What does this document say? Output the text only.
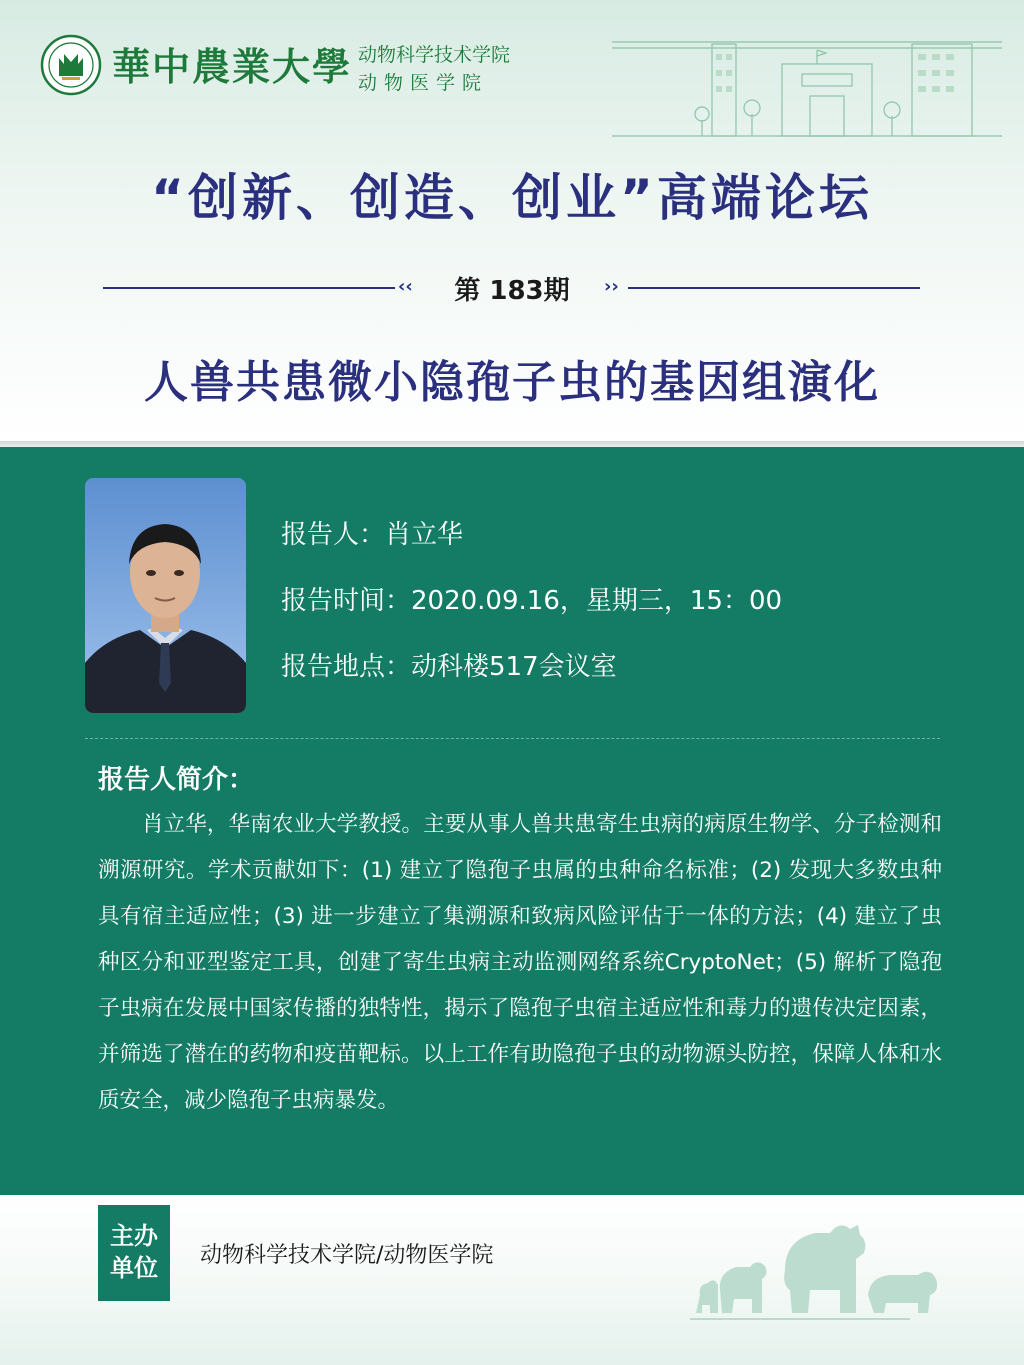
華中農業大學 动物科学技术学院
动物医学院
“创新、创造、创业”高端论坛
‹‹	第 183期	››
人兽共患微小隐孢子虫的基因组演化
报告人：肖立华
报告时间：2020.09.16，星期三，15：00
报告地点：动科楼517会议室
报告人简介：

肖立华，华南农业大学教授。主要从事人兽共患寄生虫病的病原生物学、分子检测和溯源研究。学术贡献如下：(1) 建立了隐孢子虫属的虫种命名标准；(2) 发现大多数虫种具有宿主适应性；(3) 进一步建立了集溯源和致病风险评估于一体的方法；(4) 建立了虫种区分和亚型鉴定工具，创建了寄生虫病主动监测网络系统CryptoNet；(5) 解析了隐孢子虫病在发展中国家传播的独特性，揭示了隐孢子虫宿主适应性和毒力的遗传决定因素，并筛选了潜在的药物和疫苗靶标。以上工作有助隐孢子虫的动物源头防控，保障人体和水质安全，减少隐孢子虫病暴发。

主办
单位	动物科学技术学院/动物医学院
